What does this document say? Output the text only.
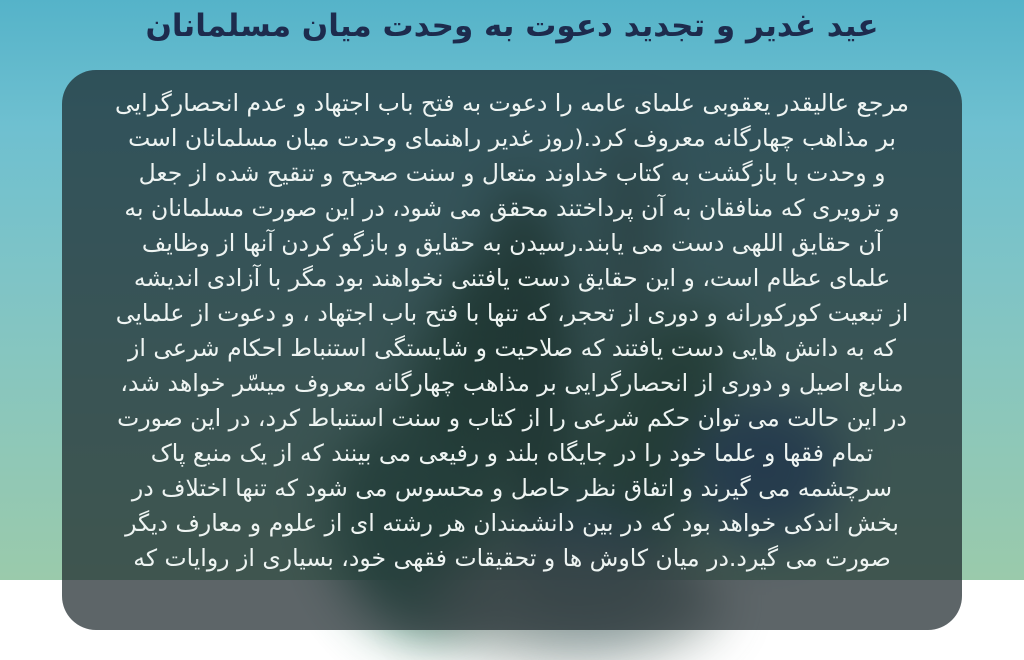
عید غدیر و تجدید دعوت به وحدت میان مسلمانان
مرجع عالیقدر یعقوبی علمای عامه را دعوت به فتح باب اجتهاد و عدم انحصارگرایی
بر مذاهب چهارگانه معروف کرد.(روز غدیر راهنمای وحدت میان مسلمانان است
و وحدت با بازگشت به کتاب خداوند متعال و سنت صحیح و تنقیح شده از جعل
و تزویری که منافقان به آن پرداختند محقق می شود، در این صورت مسلمانان به
آن حقایق اللهی دست می یابند.رسیدن به حقایق و بازگو کردن آنها از وظایف
علمای عظام است، و این حقایق دست یافتنی نخواهند بود مگر با آزادی اندیشه
از تبعیت کورکورانه و دوری از تحجر، که تنها با فتح باب اجتهاد ، و دعوت از علمایی
که به دانش هایی دست یافتند که صلاحیت و شایستگی استنباط احکام شرعی از
منابع اصیل و دوری از انحصارگرایی بر مذاهب چهارگانه معروف میسّر خواهد شد،
در این حالت می توان حکم شرعی را از کتاب و سنت استنباط کرد، در این صورت
تمام فقها و علما خود را در جایگاه بلند و رفیعی می بینند که از یک منبع پاک
سرچشمه می گیرند و اتفاق نظر حاصل و محسوس می شود که تنها اختلاف در
بخش اندکی خواهد بود که در بین دانشمندان هر رشته ای از علوم و معارف دیگر
صورت می گیرد.در میان کاوش ها و تحقیقات فقهی خود، بسیاری از روایات که
